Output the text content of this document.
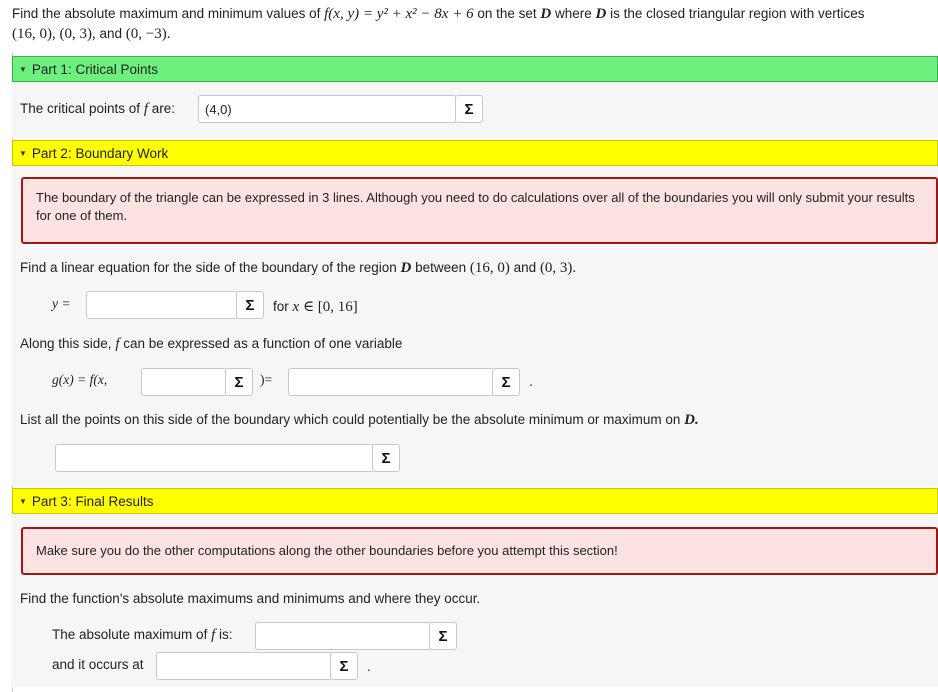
Find the absolute maximum and minimum values of f(x, y) = y² + x² − 8x + 6 on the set D where D is the closed triangular region with vertices
(16, 0), (0, 3), and (0, −3).
▼ Part 1: Critical Points
The critical points of f are: (4,0)	Σ
▼ Part 2: Boundary Work
The boundary of the triangle can be expressed in 3 lines. Although you need to do calculations over all of the boundaries you will only submit your results for one of them.
Find a linear equation for the side of the boundary of the region D between (16, 0) and (0, 3).
y =	Σ	for x ∈ [0, 16]
Along this side, f can be expressed as a function of one variable
g(x) = f(x,	Σ	)=	Σ	.
List all the points on this side of the boundary which could potentially be the absolute minimum or maximum on D.
Σ
▼ Part 3: Final Results
Make sure you do the other computations along the other boundaries before you attempt this section!
Find the function's absolute maximums and minimums and where they occur.
The absolute maximum of f is:	Σ
and it occurs at	Σ	.
